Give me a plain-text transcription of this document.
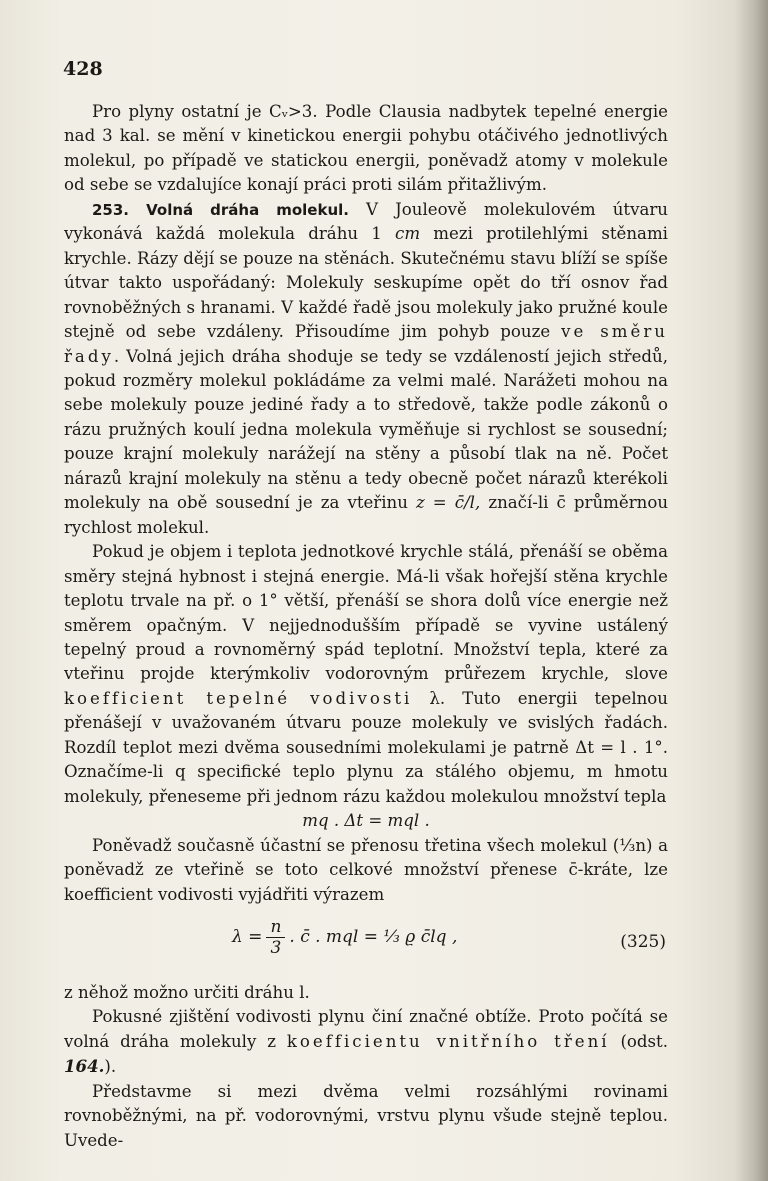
428

Pro plyny ostatní je Cᵥ>3. Podle Clausia nadbytek tepelné energie nad 3 kal. se mění v kinetickou energii pohybu otáčivého jednotlivých molekul, po případě ve statickou energii, poněvadž atomy v molekule od sebe se vzdalujíce konají práci proti silám přitažlivým.

253. Volná dráha molekul. V Jouleově molekulovém útvaru vykonává každá molekula dráhu 1 cm mezi protilehlými stěnami krychle. Rázy dějí se pouze na stěnách. Skutečnému stavu blíží se spíše útvar takto uspořádaný: Molekuly seskupíme opět do tří osnov řad rovnoběžných s hranami. V každé řadě jsou molekuly jako pružné koule stejně od sebe vzdáleny. Přisoudíme jim pohyb pouze ve směru řady. Volná jejich dráha shoduje se tedy se vzdáleností jejich středů, pokud rozměry molekul pokládáme za velmi malé. Narážeti mohou na sebe molekuly pouze jediné řady a to středově, takže podle zákonů o rázu pružných koulí jedna molekula vyměňuje si rychlost se sousední; pouze krajní molekuly narážejí na stěny a působí tlak na ně. Počet nárazů krajní molekuly na stěnu a tedy obecně počet nárazů kterékoli molekuly na obě sousední je za vteřinu z = c̄/l, značí-li c̄ průměrnou rychlost molekul.

Pokud je objem i teplota jednotkové krychle stálá, přenáší se oběma směry stejná hybnost i stejná energie. Má-li však hořejší stěna krychle teplotu trvale na př. o 1° větší, přenáší se shora dolů více energie než směrem opačným. V nejjednodušším případě se vyvine ustálený tepelný proud a rovnoměrný spád teplotní. Množství tepla, které za vteřinu projde kterýmkoliv vodorovným průřezem krychle, slove koefficient tepelné vodivosti λ. Tuto energii tepelnou přenášejí v uvažovaném útvaru pouze molekuly ve svislých řadách. Rozdíl teplot mezi dvěma sousedními molekulami je patrně Δt = l . 1°. Označíme-li q specifické teplo plynu za stálého objemu, m hmotu molekuly, přeneseme při jednom rázu každou molekulou množství tepla

mq . Δt = mql .

Poněvadž současně účastní se přenosu třetina všech molekul (⅓n) a poněvadž ze vteřině se toto celkové množství přenese c̄-kráte, lze koefficient vodivosti vyjádřiti výrazem

$\lambda = \frac{n}{3}$ . c̄ . mql = ⅓ ϱ c̄lq ,	(325)

z něhož možno určiti dráhu l.

Pokusné zjištění vodivosti plynu činí značné obtíže. Proto počítá se volná dráha molekuly z koefficientu vnitřního tření (odst. 164.).

Představme si mezi dvěma velmi rozsáhlými rovinami rovnoběžnými, na př. vodorovnými, vrstvu plynu všude stejně teplou. Uvede-
